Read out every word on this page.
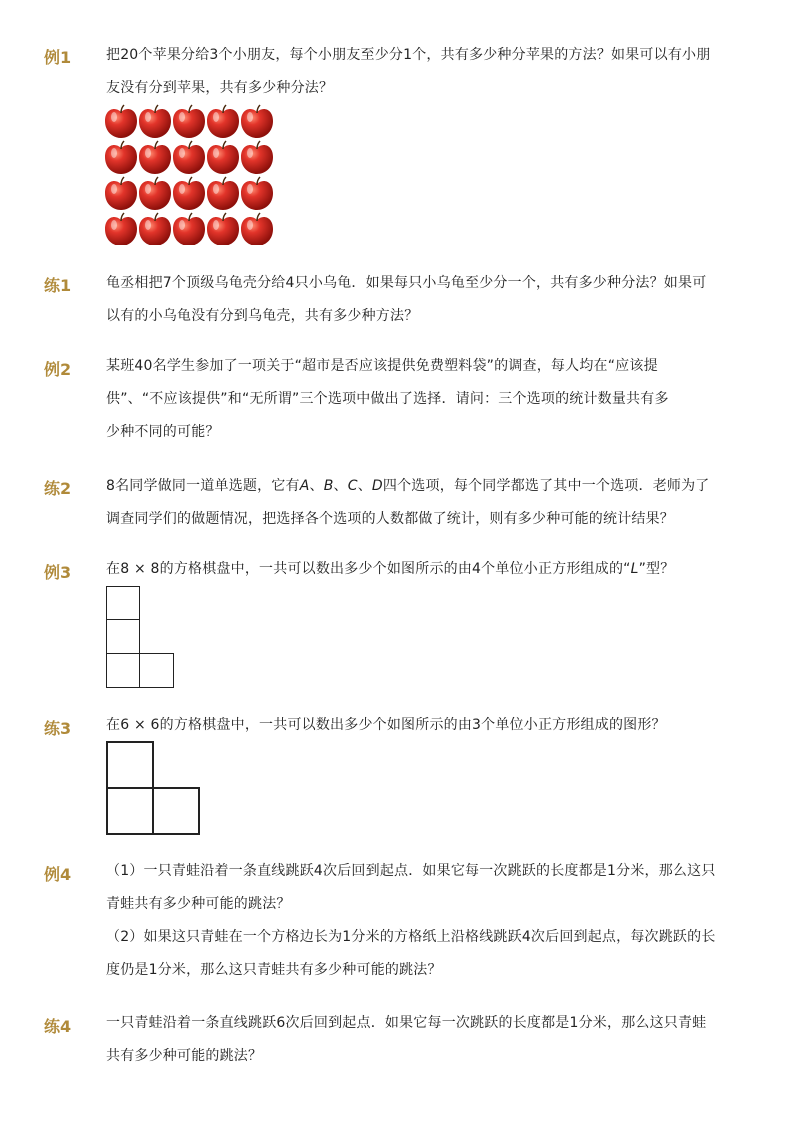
例1 把20个苹果分给3个小朋友，每个小朋友至少分1个，共有多少种分苹果的方法？如果可以有小朋
友没有分到苹果，共有多少种分法？
练1 龟丞相把7个顶级乌龟壳分给4只小乌龟．如果每只小乌龟至少分一个，共有多少种分法？如果可
以有的小乌龟没有分到乌龟壳，共有多少种方法？
例2 某班40名学生参加了一项关于“超市是否应该提供免费塑料袋”的调查，每人均在“应该提
供”、“不应该提供”和“无所谓”三个选项中做出了选择．请问：三个选项的统计数量共有多
少种不同的可能？
练2 8名同学做同一道单选题，它有A、B、C、D四个选项，每个同学都选了其中一个选项．老师为了
调查同学们的做题情况，把选择各个选项的人数都做了统计，则有多少种可能的统计结果？
例3 在8 × 8的方格棋盘中，一共可以数出多少个如图所示的由4个单位小正方形组成的“L”型？
练3 在6 × 6的方格棋盘中，一共可以数出多少个如图所示的由3个单位小正方形组成的图形？
例4 （1）一只青蛙沿着一条直线跳跃4次后回到起点．如果它每一次跳跃的长度都是1分米，那么这只
青蛙共有多少种可能的跳法？
（2）如果这只青蛙在一个方格边长为1分米的方格纸上沿格线跳跃4次后回到起点，每次跳跃的长
度仍是1分米，那么这只青蛙共有多少种可能的跳法？
练4 一只青蛙沿着一条直线跳跃6次后回到起点．如果它每一次跳跃的长度都是1分米，那么这只青蛙
共有多少种可能的跳法？
